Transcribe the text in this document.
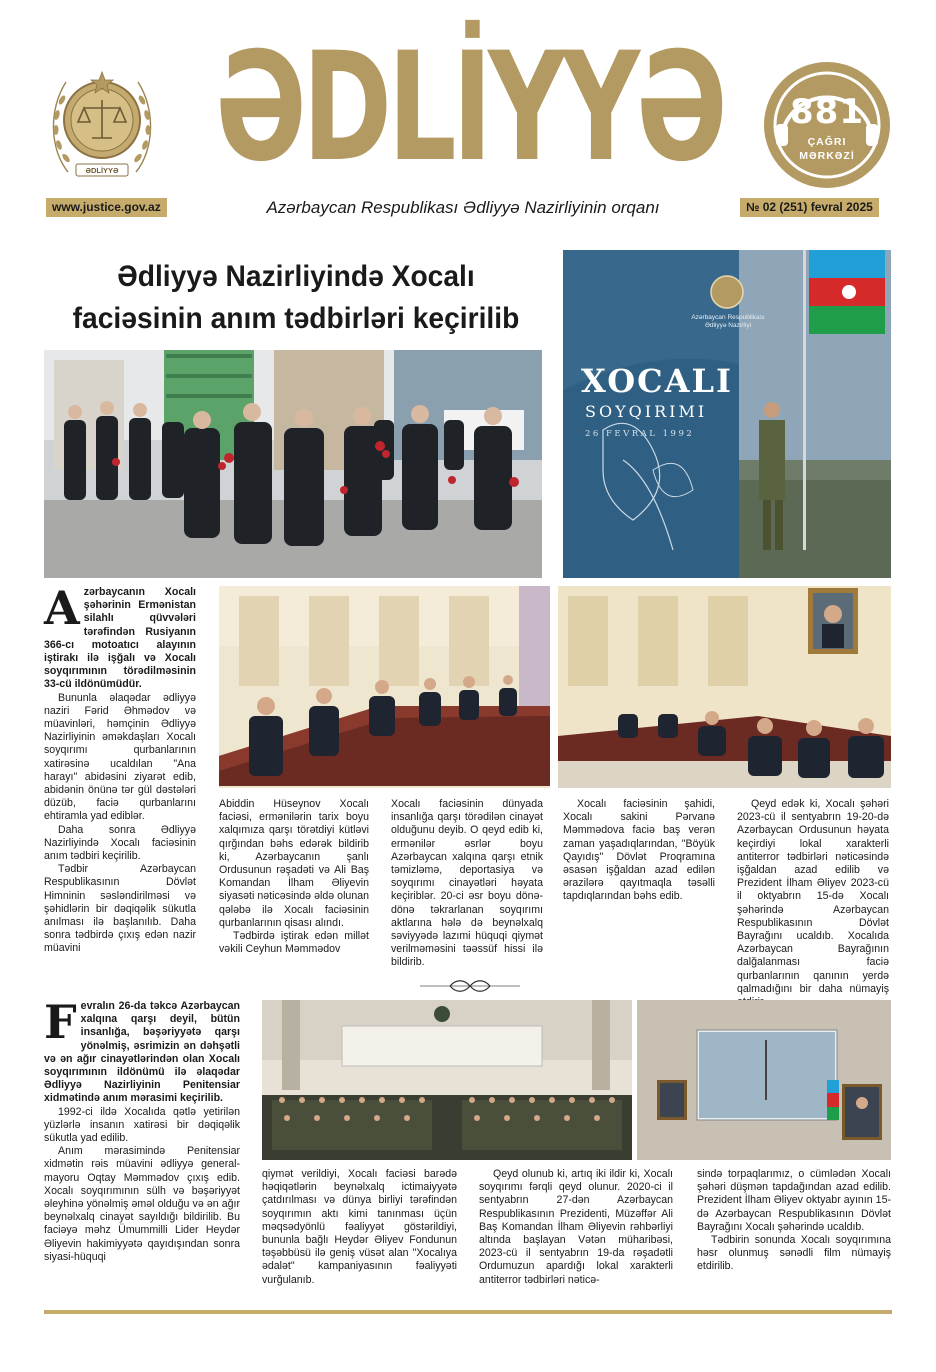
ƏDLİYYƏ
ƏDLİYYƏ
881
ÇAĞRI
MƏRKƏZİ
www.justice.gov.az	Azərbaycan Respublikası Ədliyyə Nazirliyinin orqanı	№ 02 (251) fevral 2025
Ədliyyə Nazirliyində Xocalı faciəsinin anım tədbirləri keçirilib	Azərbaycan Respublikası
Ədliyyə Nazirliyi
XOCALI
SOYQIRIMI
26 FEVRAL 1992

Azərbaycanın Xocalı şəhərinin Ermənistan silahlı qüvvələri tərəfindən Rusiyanın 366-cı motoatıcı alayının iştirakı ilə işğalı və Xocalı soyqırımının törədilməsinin 33-cü ildönümüdür.

Bununla əlaqədar ədliyyə naziri Fərid Əhmədov və müavinləri, həmçinin Ədliyyə Nazirliyinin əməkdaşları Xocalı soyqırımı qurbanlarının xatirəsinə ucaldılan "Ana harayı" abidəsini ziyarət edib, abidənin önünə tər gül dəstələri düzüb, faciə qurbanlarını ehtiramla yad ediblər.

Daha sonra Ədliyyə Nazirliyində Xocalı faciəsinin anım tədbiri keçirilib.

Tədbir Azərbaycan Respublikasının Dövlət Himninin səsləndirilməsi və şəhidlərin bir dəqiqəlik sükutla anılması ilə başlanılıb. Daha sonra tədbirdə çıxış edən nazir müavini

Abiddin Hüseynov Xocalı faciəsi, ermənilərin tarix boyu xalqımıza qarşı törətdiyi kütləvi qırğından bəhs edərək bildirib ki, Azərbaycanın şanlı Ordusunun rəşadəti və Ali Baş Komandan İlham Əliyevin siyasəti nəticəsində əldə olunan qələbə ilə Xocalı faciəsinin qurbanlarının qisası alındı.

Tədbirdə iştirak edən millət vəkili Ceyhun Məmmədov

Xocalı faciəsinin dünyada insanlığa qarşı törədilən cinayət olduğunu deyib. O qeyd edib ki, ermənilər əsrlər boyu Azərbaycan xalqına qarşı etnik təmizləmə, deportasiya və soyqırımı cinayətləri həyata keçiriblər. 20-ci əsr boyu dönə-dönə təkrarlanan soyqırımı aktlarına hələ də beynəlxalq səviyyədə lazımi hüquqi qiymət verilməməsini təəssüf hissi ilə bildirib.

Xocalı faciəsinin şahidi, Xocalı sakini Pərvanə Məmmədova faciə baş verən zaman yaşadıqlarından, "Böyük Qayıdış" Dövlət Proqramına əsasən işğaldan azad edilən ərazilərə qayıtmaqla təsəlli tapdıqlarından bəhs edib.

Qeyd edək ki, Xocalı şəhəri 2023-cü il sentyabrın 19-20-də Azərbaycan Ordusunun həyata keçirdiyi lokal xarakterli antiterror tədbirləri nəticəsində işğaldan azad edilib və Prezident İlham Əliyev 2023-cü il oktyabrın 15-də Xocalı şəhərində Azərbaycan Respublikasının Dövlət Bayrağını ucaldıb. Xocalıda Azərbaycan Bayrağının dalğalanması faciə qurbanlarının qanının yerdə qalmadığını bir daha nümayiş

Fevralın 26-da təkcə Azərbaycan xalqına qarşı deyil, bütün insanlığa, bəşəriyyətə qarşı yönəlmiş, əsrimizin ən dəhşətli və ən ağır cinayətlərindən olan Xocalı soyqırımının ildönümü ilə əlaqədar Ədliyyə Nazirliyinin Penitensiar xidmətində anım mərasimi keçirilib.

1992-ci ildə Xocalıda qətlə yetirilən yüzlərlə insanın xatirəsi bir dəqiqəlik sükutla yad edilib.

Anım mərasimində Penitensiar xidmətin rəis müavini ədliyyə general-mayoru Oqtay Məmmədov çıxış edib. Xocalı soyqırımının sülh və bəşəriyyət əleyhinə yönəlmiş əməl olduğu və ən ağır beynəlxalq cinayət sayıldığı bildirilib. Bu faciəyə məhz Ümummilli Lider Heydər Əliyevin hakimiyyətə qayıdışından sonra siyasi-hüquqi

qiymət verildiyi, Xocalı faciəsi barədə həqiqətlərin beynəlxalq ictimaiyyətə çatdırılması və dünya birliyi tərəfindən soyqırımın aktı kimi tanınması üçün məqsədyönlü fəaliyyət göstərildiyi, bununla bağlı Heydər Əliyev Fondunun təşəbbüsü ilə geniş vüsət alan "Xocalıya ədalət" kampaniyasının fəaliyyəti vurğulanıb.

Qeyd olunub ki, artıq iki ildir ki, Xocalı soyqırımı fərqli qeyd olunur. 2020-ci il sentyabrın 27-dən Azərbaycan Respublikasının Prezidenti, Müzəffər Ali Baş Komandan İlham Əliyevin rəhbərliyi altında başlayan Vətən müharibəsi, 2023-cü il sentyabrın 19-da rəşadətli Ordumuzun apardığı lokal xarakterli antiterror tədbirləri nəticə-

sində torpaqlarımız, o cümlədən Xocalı şəhəri düşmən tapdağından azad edilib. Prezident İlham Əliyev oktyabr ayının 15-də Azərbaycan Respublikasının Dövlət Bayrağını Xocalı şəhərində ucaldıb.

Tədbirin sonunda Xocalı soyqırımına həsr olunmuş sənədli film nümayiş etdirilib.
